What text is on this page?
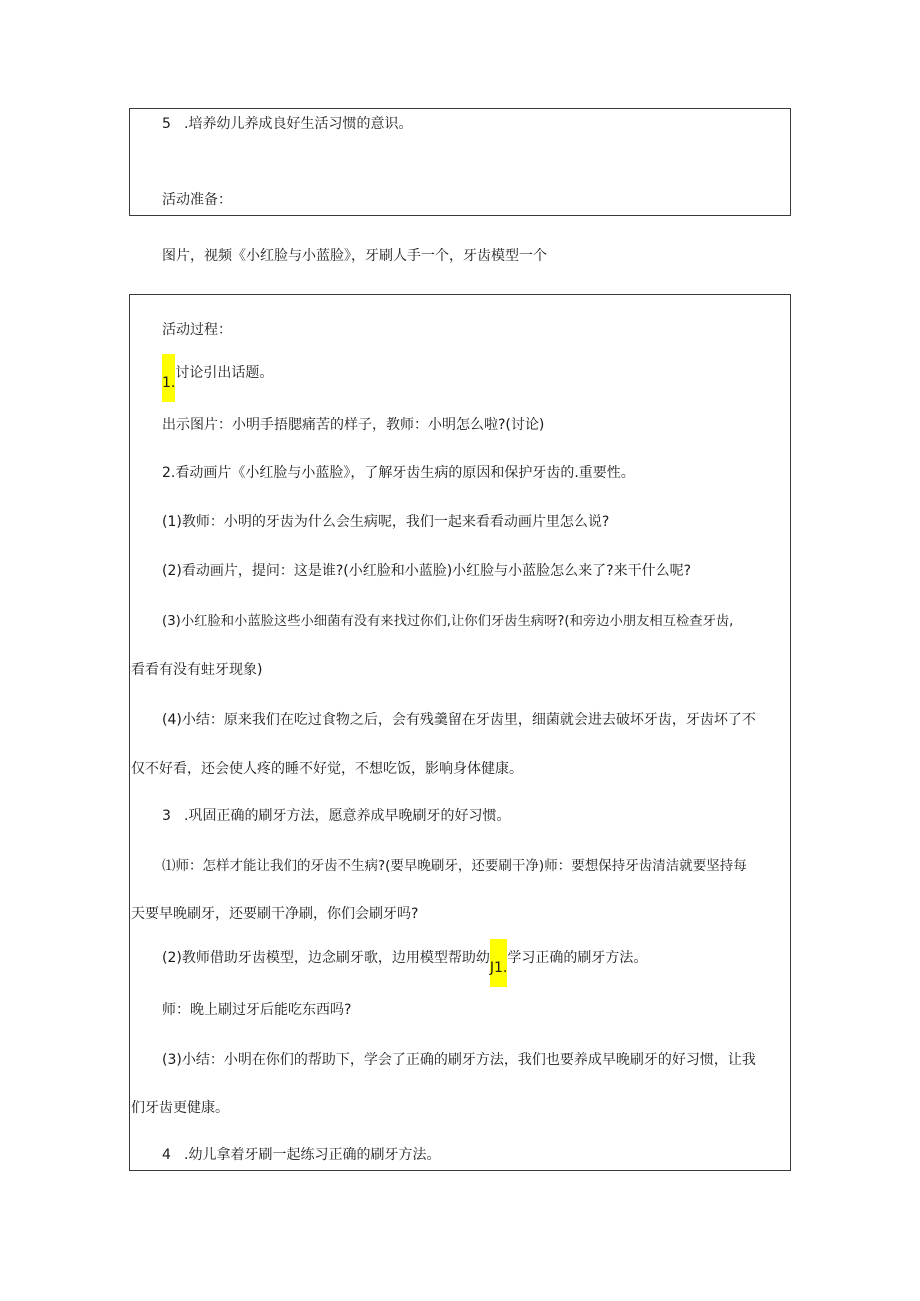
5 .培养幼儿养成良好生活习惯的意识。
活动准备：
图片，视频《小红脸与小蓝脸》，牙刷人手一个，牙齿模型一个
活动过程：
1.讨论引出话题。
出示图片：小明手捂腮痛苦的样子，教师：小明怎么啦?(讨论)
2.看动画片《小红脸与小蓝脸》，了解牙齿生病的原因和保护牙齿的.重要性。
(1)教师：小明的牙齿为什么会生病呢，我们一起来看看动画片里怎么说?
(2)看动画片，提问：这是谁?(小红脸和小蓝脸)小红脸与小蓝脸怎么来了?来干什么呢?
(3)小红脸和小蓝脸这些小细菌有没有来找过你们,让你们牙齿生病呀?(和旁边小朋友相互检查牙齿,
看看有没有蛀牙现象)
(4)小结：原来我们在吃过食物之后，会有残羹留在牙齿里，细菌就会进去破坏牙齿，牙齿坏了不
仅不好看，还会使人疼的睡不好觉，不想吃饭，影响身体健康。
3 .巩固正确的刷牙方法，愿意养成早晚刷牙的好习惯。
⑴师：怎样才能让我们的牙齿不生病?(要早晚刷牙，还要刷干净)师：要想保持牙齿清洁就要坚持每
天要早晚刷牙，还要刷干净刷，你们会刷牙吗?
(2)教师借助牙齿模型，边念刷牙歌，边用模型帮助幼J1.学习正确的刷牙方法。
师：晚上刷过牙后能吃东西吗?
(3)小结：小明在你们的帮助下，学会了正确的刷牙方法，我们也要养成早晚刷牙的好习惯，让我
们牙齿更健康。
4 .幼儿拿着牙刷一起练习正确的刷牙方法。
